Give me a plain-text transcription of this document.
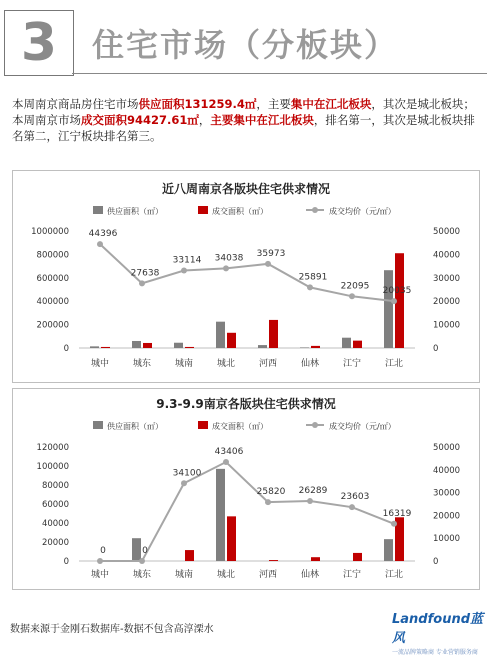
3	住宅市场（分板块）
本周南京商品房住宅市场供应面积131259.4㎡，主要集中在江北板块，其次是城北板块；本周南京市场成交面积94427.61㎡，主要集中在江北板块，排名第一，其次是城北板块排名第二，江宁板块排名第三。
近八周南京各版块住宅供求情况
供应面积（㎡）	成交面积（㎡）	成交均价（元/㎡）
1000000
800000
600000
400000
200000
0
50000
40000
30000
20000
10000
0
44396
27638
33114 34038 35973
25891
22095 20035
城中	城东	城南	城北	河西	仙林	江宁	江北
9.3-9.9南京各版块住宅供求情况
供应面积（㎡）	成交面积（㎡）	成交均价（元/㎡）
120000
100000
80000
60000
40000
20000
0
50000
40000
30000
20000
10000
0
0	0
34100
43406
25820 26289
23603
16319
城中	城东	城南	城北	河西	仙林	江宁	江北
数据来源于金刚石数据库-数据不包含高淳溧水
Landfound蓝风
一流品牌策略商 专业营销服务商
